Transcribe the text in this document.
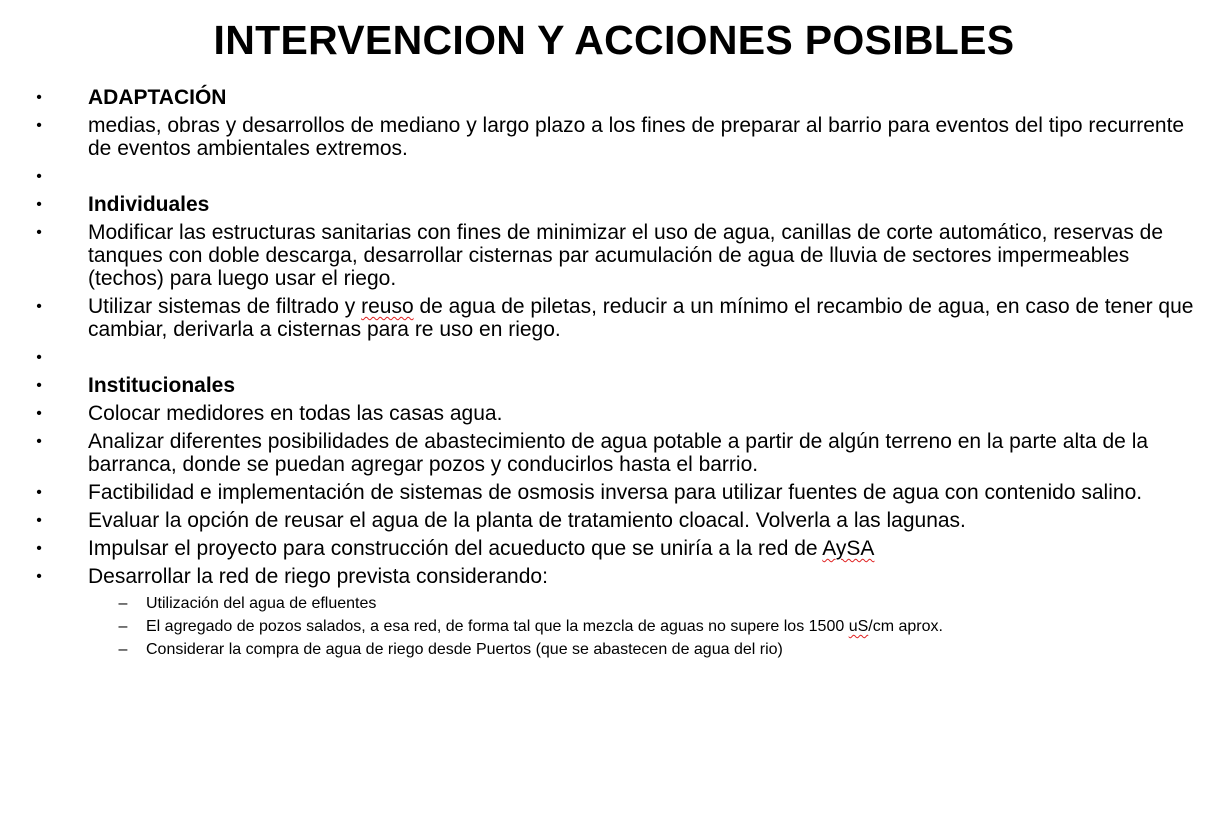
INTERVENCION Y ACCIONES POSIBLES
• ADAPTACIÓN
• medias, obras y desarrollos de mediano y largo plazo a los fines de preparar al barrio para eventos del tipo recurrente de eventos ambientales extremos.
•
• Individuales
• Modificar las estructuras sanitarias con fines de minimizar el uso de agua, canillas de corte automático, reservas de tanques con doble descarga, desarrollar cisternas par acumulación de agua de lluvia de sectores impermeables (techos) para luego usar el riego.
• Utilizar sistemas de filtrado y reuso de agua de piletas, reducir a un mínimo el recambio de agua, en caso de tener que cambiar, derivarla a cisternas para re uso en riego.
•
• Institucionales
• Colocar medidores en todas las casas agua.
• Analizar diferentes posibilidades de abastecimiento de agua potable a partir de algún terreno en la parte alta de la barranca, donde se puedan agregar pozos y conducirlos hasta el barrio.
• Factibilidad e implementación de sistemas de osmosis inversa para utilizar fuentes de agua con contenido salino.
• Evaluar la opción de reusar el agua de la planta de tratamiento cloacal. Volverla a las lagunas.
• Impulsar el proyecto para construcción del acueducto que se uniría a la red de AySA
• Desarrollar la red de riego prevista considerando:
– Utilización del agua de efluentes
– El agregado de pozos salados, a esa red, de forma tal que la mezcla de aguas no supere los 1500 uS/cm aprox.
– Considerar la compra de agua de riego desde Puertos (que se abastecen de agua del rio)
